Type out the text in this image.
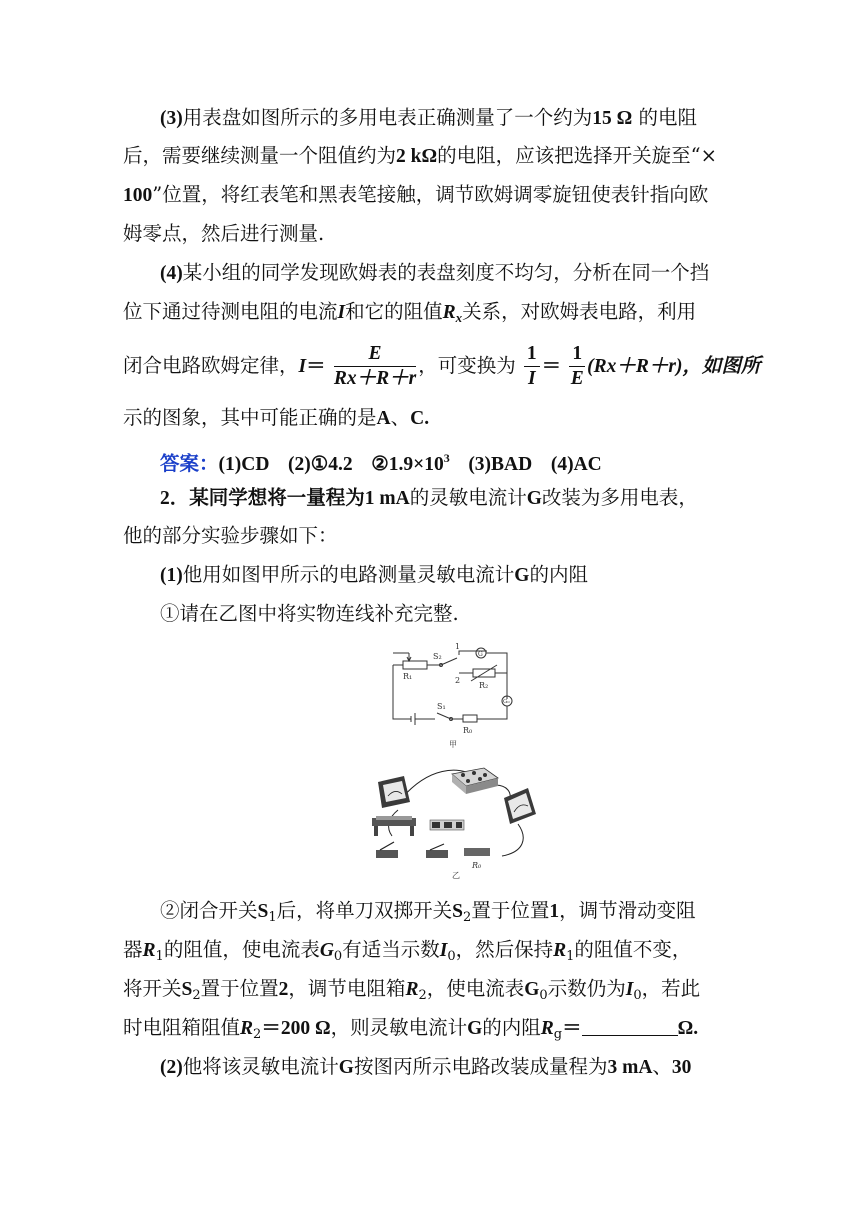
(3)用表盘如图所示的多用电表正确测量了一个约为15 Ω 的电阻
后，需要继续测量一个阻值约为2 kΩ的电阻，应该把选择开关旋至“×
100”位置，将红表笔和黑表笔接触，调节欧姆调零旋钮使表针指向欧
姆零点，然后进行测量.
(4)某小组的同学发现欧姆表的表盘刻度不均匀，分析在同一个挡
位下通过待测电阻的电流I和它的阻值$R_x$关系，对欧姆表电路，利用
闭合电路欧姆定律，$I= \frac{E}{Rx+R+r}$ ，可变换为 $\frac{1}{I} = \frac{1}{E} (Rx+R+r)$，如图所
示的图象，其中可能正确的是A、C.
答案：(1)CD (2)①4.2 $②1.9\times 10^3$ (3)BAD (4)AC
2．某同学想将一量程为1 mA的灵敏电流计G改装为多用电表，
他的部分实验步骤如下：
(1)他用如图甲所示的电路测量灵敏电流计G的内阻
①请在乙图中将实物连线补充完整.
R₁
S₂
1
2
R₂
G
G₀
S₁
R₀
甲
R₀
乙
②闭合开关$S_1$后，将单刀双掷开关$S_2$置于位置1，调节滑动变阻
器$R_1$的阻值，使电流表$G_0$有适当示数$I_0$，然后保持$R_1$的阻值不变，
将开关$S_2$置于位置2，调节电阻箱$R_2$，使电流表$G_0$示数仍为$I_0$，若此
时电阻箱阻值$R_2=200$ Ω，则灵敏电流计G的内阻$R_g=$	Ω.
(2)他将该灵敏电流计G按图丙所示电路改装成量程为3 mA、30
